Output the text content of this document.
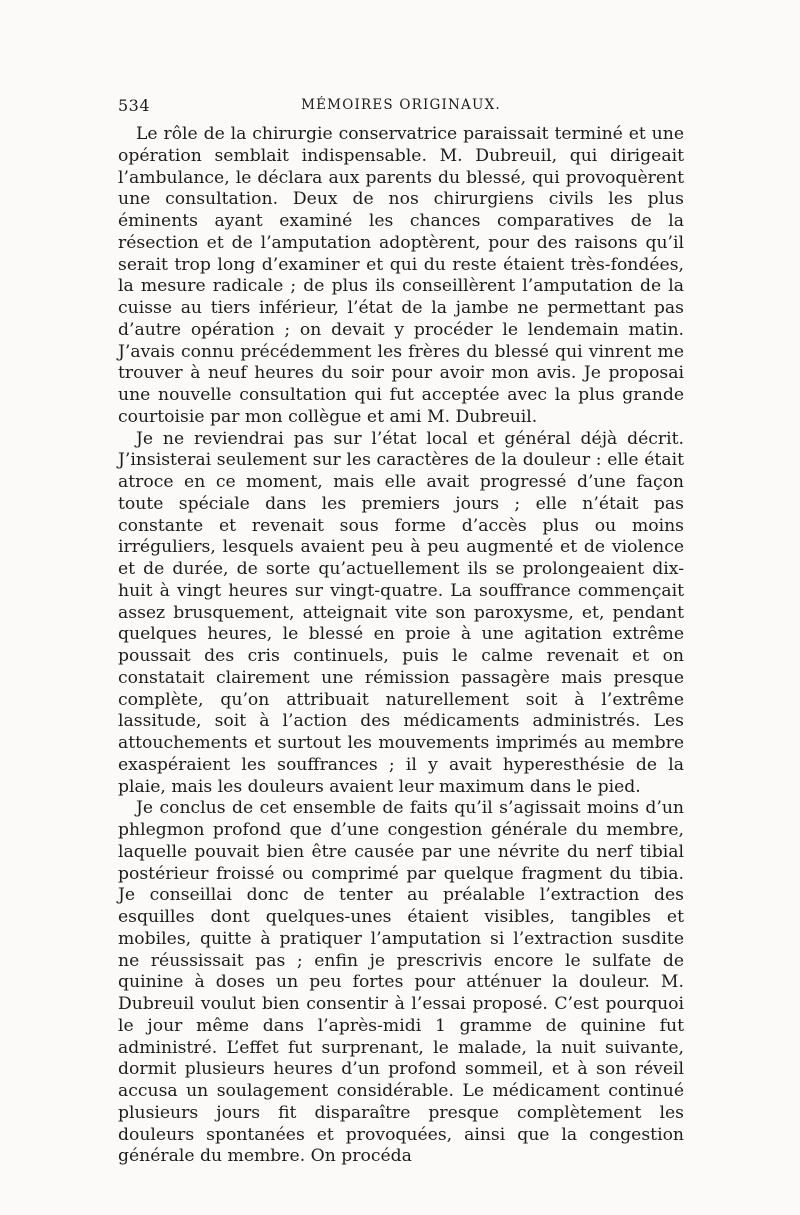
534	MÉMOIRES ORIGINAUX.

Le rôle de la chirurgie conservatrice paraissait terminé et une opération semblait indispensable. M. Dubreuil, qui dirigeait l’ambulance, le déclara aux parents du blessé, qui provoquèrent une consultation. Deux de nos chirurgiens civils les plus éminents ayant examiné les chances comparatives de la résection et de l’amputation adoptèrent, pour des raisons qu’il serait trop long d’examiner et qui du reste étaient très-fondées, la mesure radicale ; de plus ils conseillèrent l’amputation de la cuisse au tiers inférieur, l’état de la jambe ne permettant pas d’autre opération ; on devait y procéder le lendemain matin. J’avais connu précédemment les frères du blessé qui vinrent me trouver à neuf heures du soir pour avoir mon avis. Je proposai une nouvelle consultation qui fut acceptée avec la plus grande courtoisie par mon collègue et ami M. Dubreuil.

Je ne reviendrai pas sur l’état local et général déjà décrit. J’insisterai seulement sur les caractères de la douleur : elle était atroce en ce moment, mais elle avait progressé d’une façon toute spéciale dans les premiers jours ; elle n’était pas constante et revenait sous forme d’accès plus ou moins irréguliers, lesquels avaient peu à peu augmenté et de violence et de durée, de sorte qu’actuellement ils se prolongeaient dix-huit à vingt heures sur vingt-quatre. La souffrance commençait assez brusquement, atteignait vite son paroxysme, et, pendant quelques heures, le blessé en proie à une agitation extrême poussait des cris continuels, puis le calme revenait et on constatait clairement une rémission passagère mais presque complète, qu’on attribuait naturellement soit à l’extrême lassitude, soit à l’action des médicaments administrés. Les attouchements et surtout les mouvements imprimés au membre exaspéraient les souffrances ; il y avait hyperesthésie de la plaie, mais les douleurs avaient leur maximum dans le pied.

Je conclus de cet ensemble de faits qu’il s’agissait moins d’un phlegmon profond que d’une congestion générale du membre, laquelle pouvait bien être causée par une névrite du nerf tibial postérieur froissé ou comprimé par quelque fragment du tibia. Je conseillai donc de tenter au préalable l’extraction des esquilles dont quelques-unes étaient visibles, tangibles et mobiles, quitte à pratiquer l’amputation si l’extraction susdite ne réussissait pas ; enfin je prescrivis encore le sulfate de quinine à doses un peu fortes pour atténuer la douleur. M. Dubreuil voulut bien consentir à l’essai proposé. C’est pourquoi le jour même dans l’après-midi 1 gramme de quinine fut administré. L’effet fut surprenant, le malade, la nuit suivante, dormit plusieurs heures d’un profond sommeil, et à son réveil accusa un soulagement considérable. Le médicament continué plusieurs jours fit disparaître presque complètement les douleurs spontanées et provoquées, ainsi que la congestion générale du membre. On procéda
